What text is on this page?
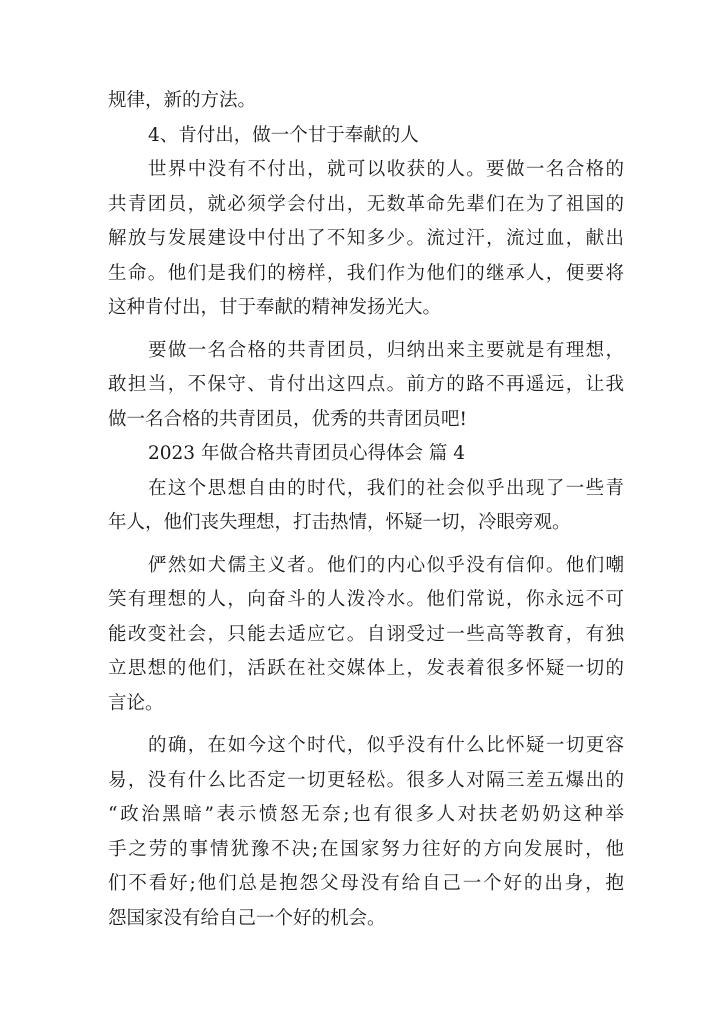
规律，新的方法。
4、肯付出，做一个甘于奉献的人
世界中没有不付出，就可以收获的人。要做一名合格的
共青团员，就必须学会付出，无数革命先辈们在为了祖国的
解放与发展建设中付出了不知多少。流过汗，流过血，献出
生命。他们是我们的榜样，我们作为他们的继承人，便要将
这种肯付出，甘于奉献的精神发扬光大。
要做一名合格的共青团员，归纳出来主要就是有理想，
敢担当，不保守、肯付出这四点。前方的路不再遥远，让我
做一名合格的共青团员，优秀的共青团员吧!
2023 年做合格共青团员心得体会 篇 4
在这个思想自由的时代，我们的社会似乎出现了一些青
年人，他们丧失理想，打击热情，怀疑一切，冷眼旁观。
俨然如犬儒主义者。他们的内心似乎没有信仰。他们嘲
笑有理想的人，向奋斗的人泼冷水。他们常说，你永远不可
能改变社会，只能去适应它。自诩受过一些高等教育，有独
立思想的他们，活跃在社交媒体上，发表着很多怀疑一切的
言论。
的确，在如今这个时代，似乎没有什么比怀疑一切更容
易，没有什么比否定一切更轻松。很多人对隔三差五爆出的
“政治黑暗”表示愤怒无奈;也有很多人对扶老奶奶这种举
手之劳的事情犹豫不决;在国家努力往好的方向发展时，他
们不看好;他们总是抱怨父母没有给自己一个好的出身，抱
怨国家没有给自己一个好的机会。
